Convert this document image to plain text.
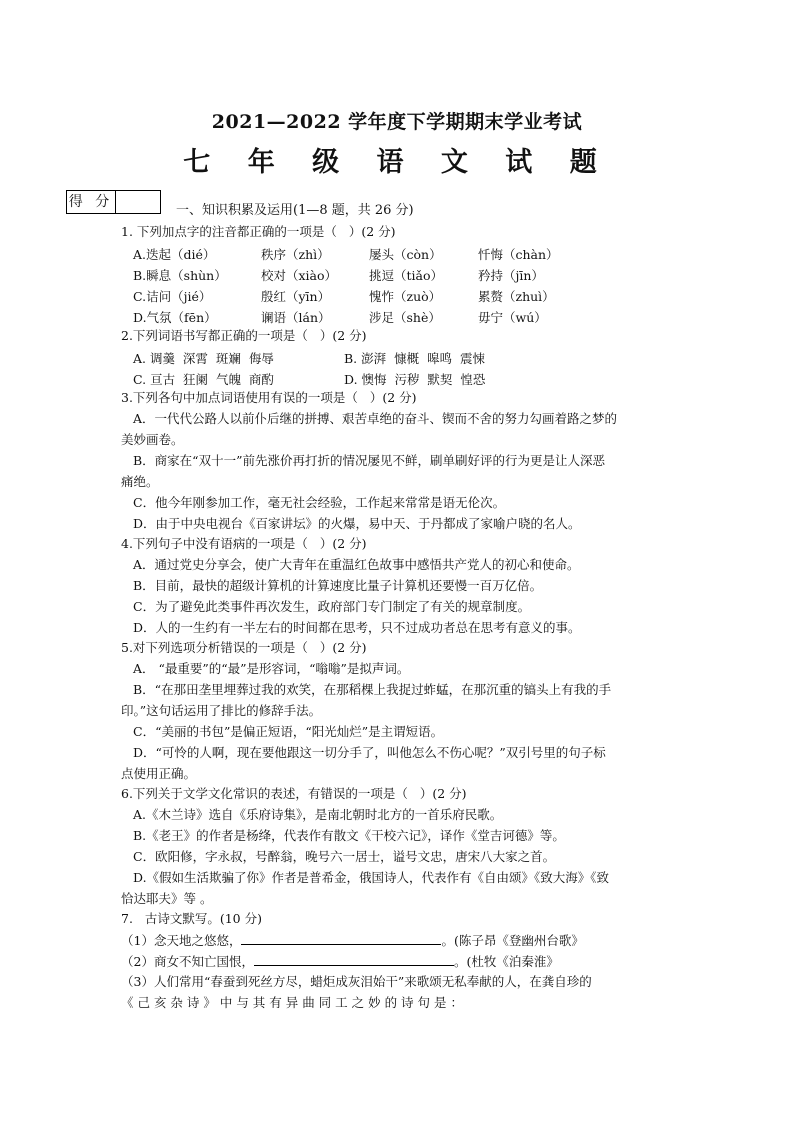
2021—2022 学年度下学期期末学业考试
七 年 级 语 文 试 题
得 分
一、知识积累及运用(1—8 题，共 26 分)
1. 下列加点字的注音都正确的一项是（   ）(2 分)
A.迭起（dié）	秩序（zhì）	屡头（còn）	忏悔（chàn）
B.瞬息（shùn）	校对（xiào）	挑逗（tiǎo）	矜持（jīn）
C.诘问（jié）	殷红（yīn）	愧怍（zuò）	累赘（zhuì）
D.气氛（fēn）	谰语（lán）	涉足（shè）	毋宁（wú）
2.下列词语书写都正确的一项是（   ）(2 分)
A. 调羹  深霄  斑斓  侮辱	B. 澎湃  慷概  嗥鸣  震悚
C. 亘古  狂阑  气魄  商酌	D. 懊悔  污秽  默契  惶恐
3.下列各句中加点词语使用有误的一项是（   ）(2 分)
A．一代代公路人以前仆后继的拼搏、艰苦卓绝的奋斗、锲而不舍的努力勾画着路之梦的
美妙画卷。
B．商家在“双十一”前先涨价再打折的情况屡见不鲜，刷单刷好评的行为更是让人深恶
痛绝。
C．他今年刚参加工作，毫无社会经验，工作起来常常是语无伦次。
D．由于中央电视台《百家讲坛》的火爆，易中天、于丹都成了家喻户晓的名人。
4.下列句子中没有语病的一项是（   ）(2 分)
A．通过党史分享会，使广大青年在重温红色故事中感悟共产党人的初心和使命。
B．目前，最快的超级计算机的计算速度比量子计算机还要慢一百万亿倍。
C．为了避免此类事件再次发生，政府部门专门制定了有关的规章制度。
D．人的一生约有一半左右的时间都在思考，只不过成功者总在思考有意义的事。
5.对下列选项分析错误的一项是（   ）(2 分)
A． “最重要”的“最”是形容词，“嗡嗡”是拟声词。
B．“在那田垄里埋葬过我的欢笑，在那稻棵上我捉过蚱蜢，在那沉重的镐头上有我的手
印。”这句话运用了排比的修辞手法。
C．“美丽的书包”是偏正短语，“阳光灿烂”是主谓短语。
D．“可怜的人啊，现在要他跟这一切分手了，叫他怎么不伤心呢？”双引号里的句子标
点使用正确。
6.下列关于文学文化常识的表述，有错误的一项是（   ）(2 分)
A.《木兰诗》选自《乐府诗集》，是南北朝时北方的一首乐府民歌。
B.《老王》的作者是杨绛，代表作有散文《干校六记》，译作《堂吉诃德》等。
C．欧阳修，字永叔，号醉翁，晚号六一居士，谥号文忠，唐宋八大家之首。
D.《假如生活欺骗了你》作者是普希金，俄国诗人，代表作有《自由颂》《致大海》《致
恰达耶夫》等 。
7.   古诗文默写。(10 分)
（1）念天地之悠悠，	。(陈子昂《登幽州台歌》
（2）商女不知亡国恨，	。(杜牧《泊秦淮》
（3）人们常用“春蚕到死丝方尽，蜡炬成灰泪始干”来歌颂无私奉献的人，在龚自珍的
《 己 亥 杂 诗 》 中 与 其 有 异 曲 同 工 之 妙 的 诗 句 是 ：
